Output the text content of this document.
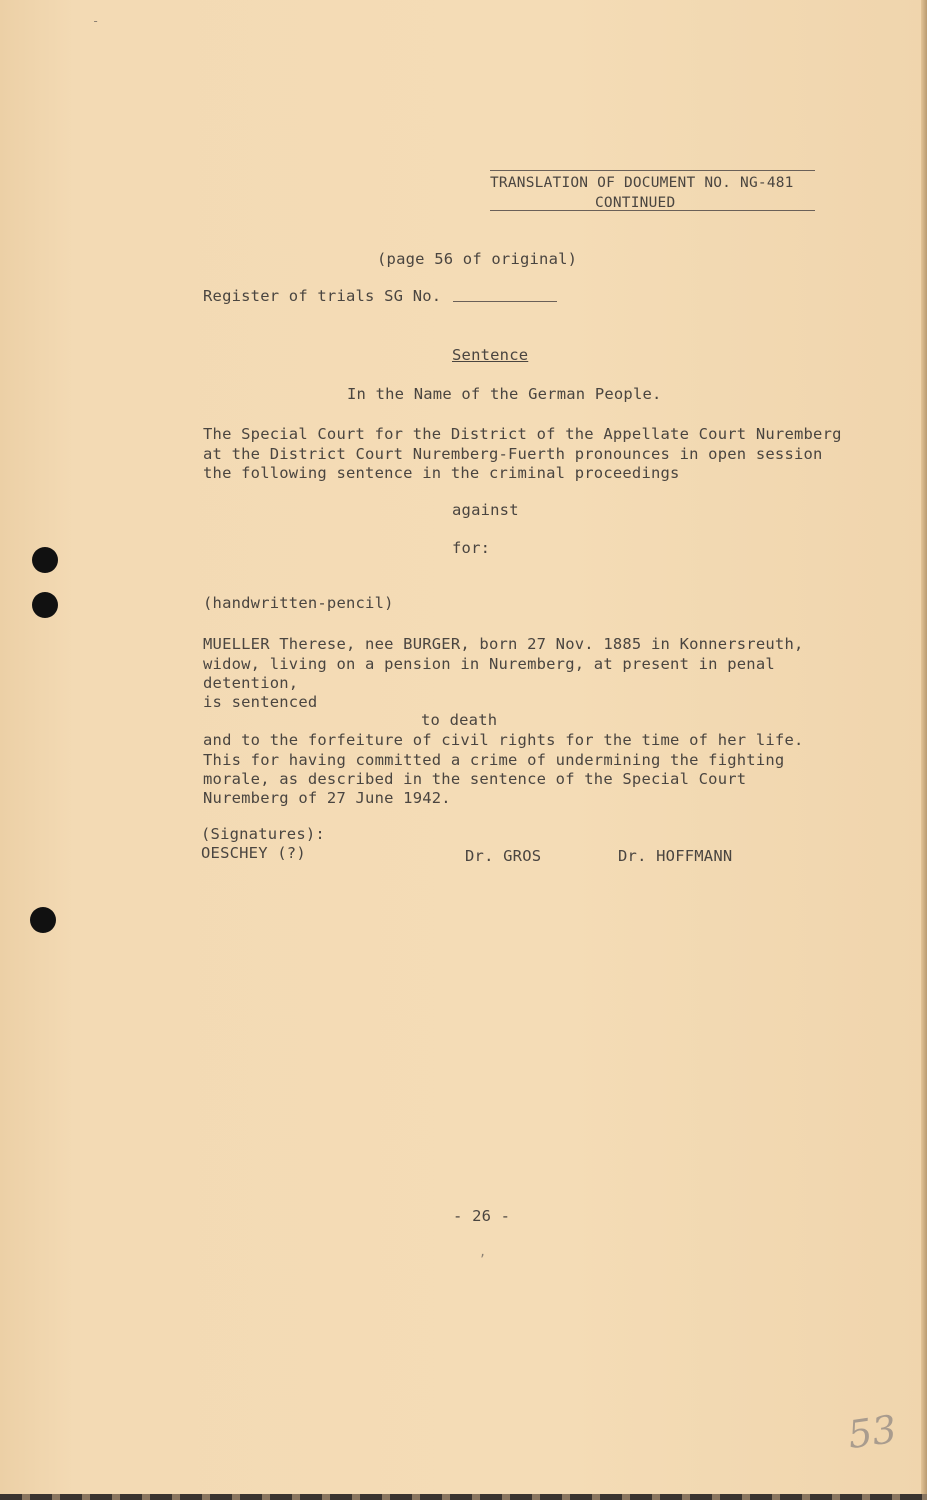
-
TRANSLATION OF DOCUMENT NO. NG-481
CONTINUED
(page 56 of original)
Register of trials SG No.
Sentence
In the Name of the German People.
The Special Court for the District of the Appellate Court Nuremberg
at the District Court Nuremberg-Fuerth pronounces in open session
the following sentence in the criminal proceedings
against
for:
(handwritten-pencil)
MUELLER Therese, nee BURGER, born 27 Nov. 1885 in Konnersreuth,
widow, living on a pension in Nuremberg, at present in penal
detention,
is sentenced
to death
and to the forfeiture of civil rights for the time of her life.
This for having committed a crime of undermining the fighting
morale, as described in the sentence of the Special Court
Nuremberg of 27 June 1942.
(Signatures):
OESCHEY (?)	Dr. GROS	Dr. HOFFMANN
- 26 -
,
53
